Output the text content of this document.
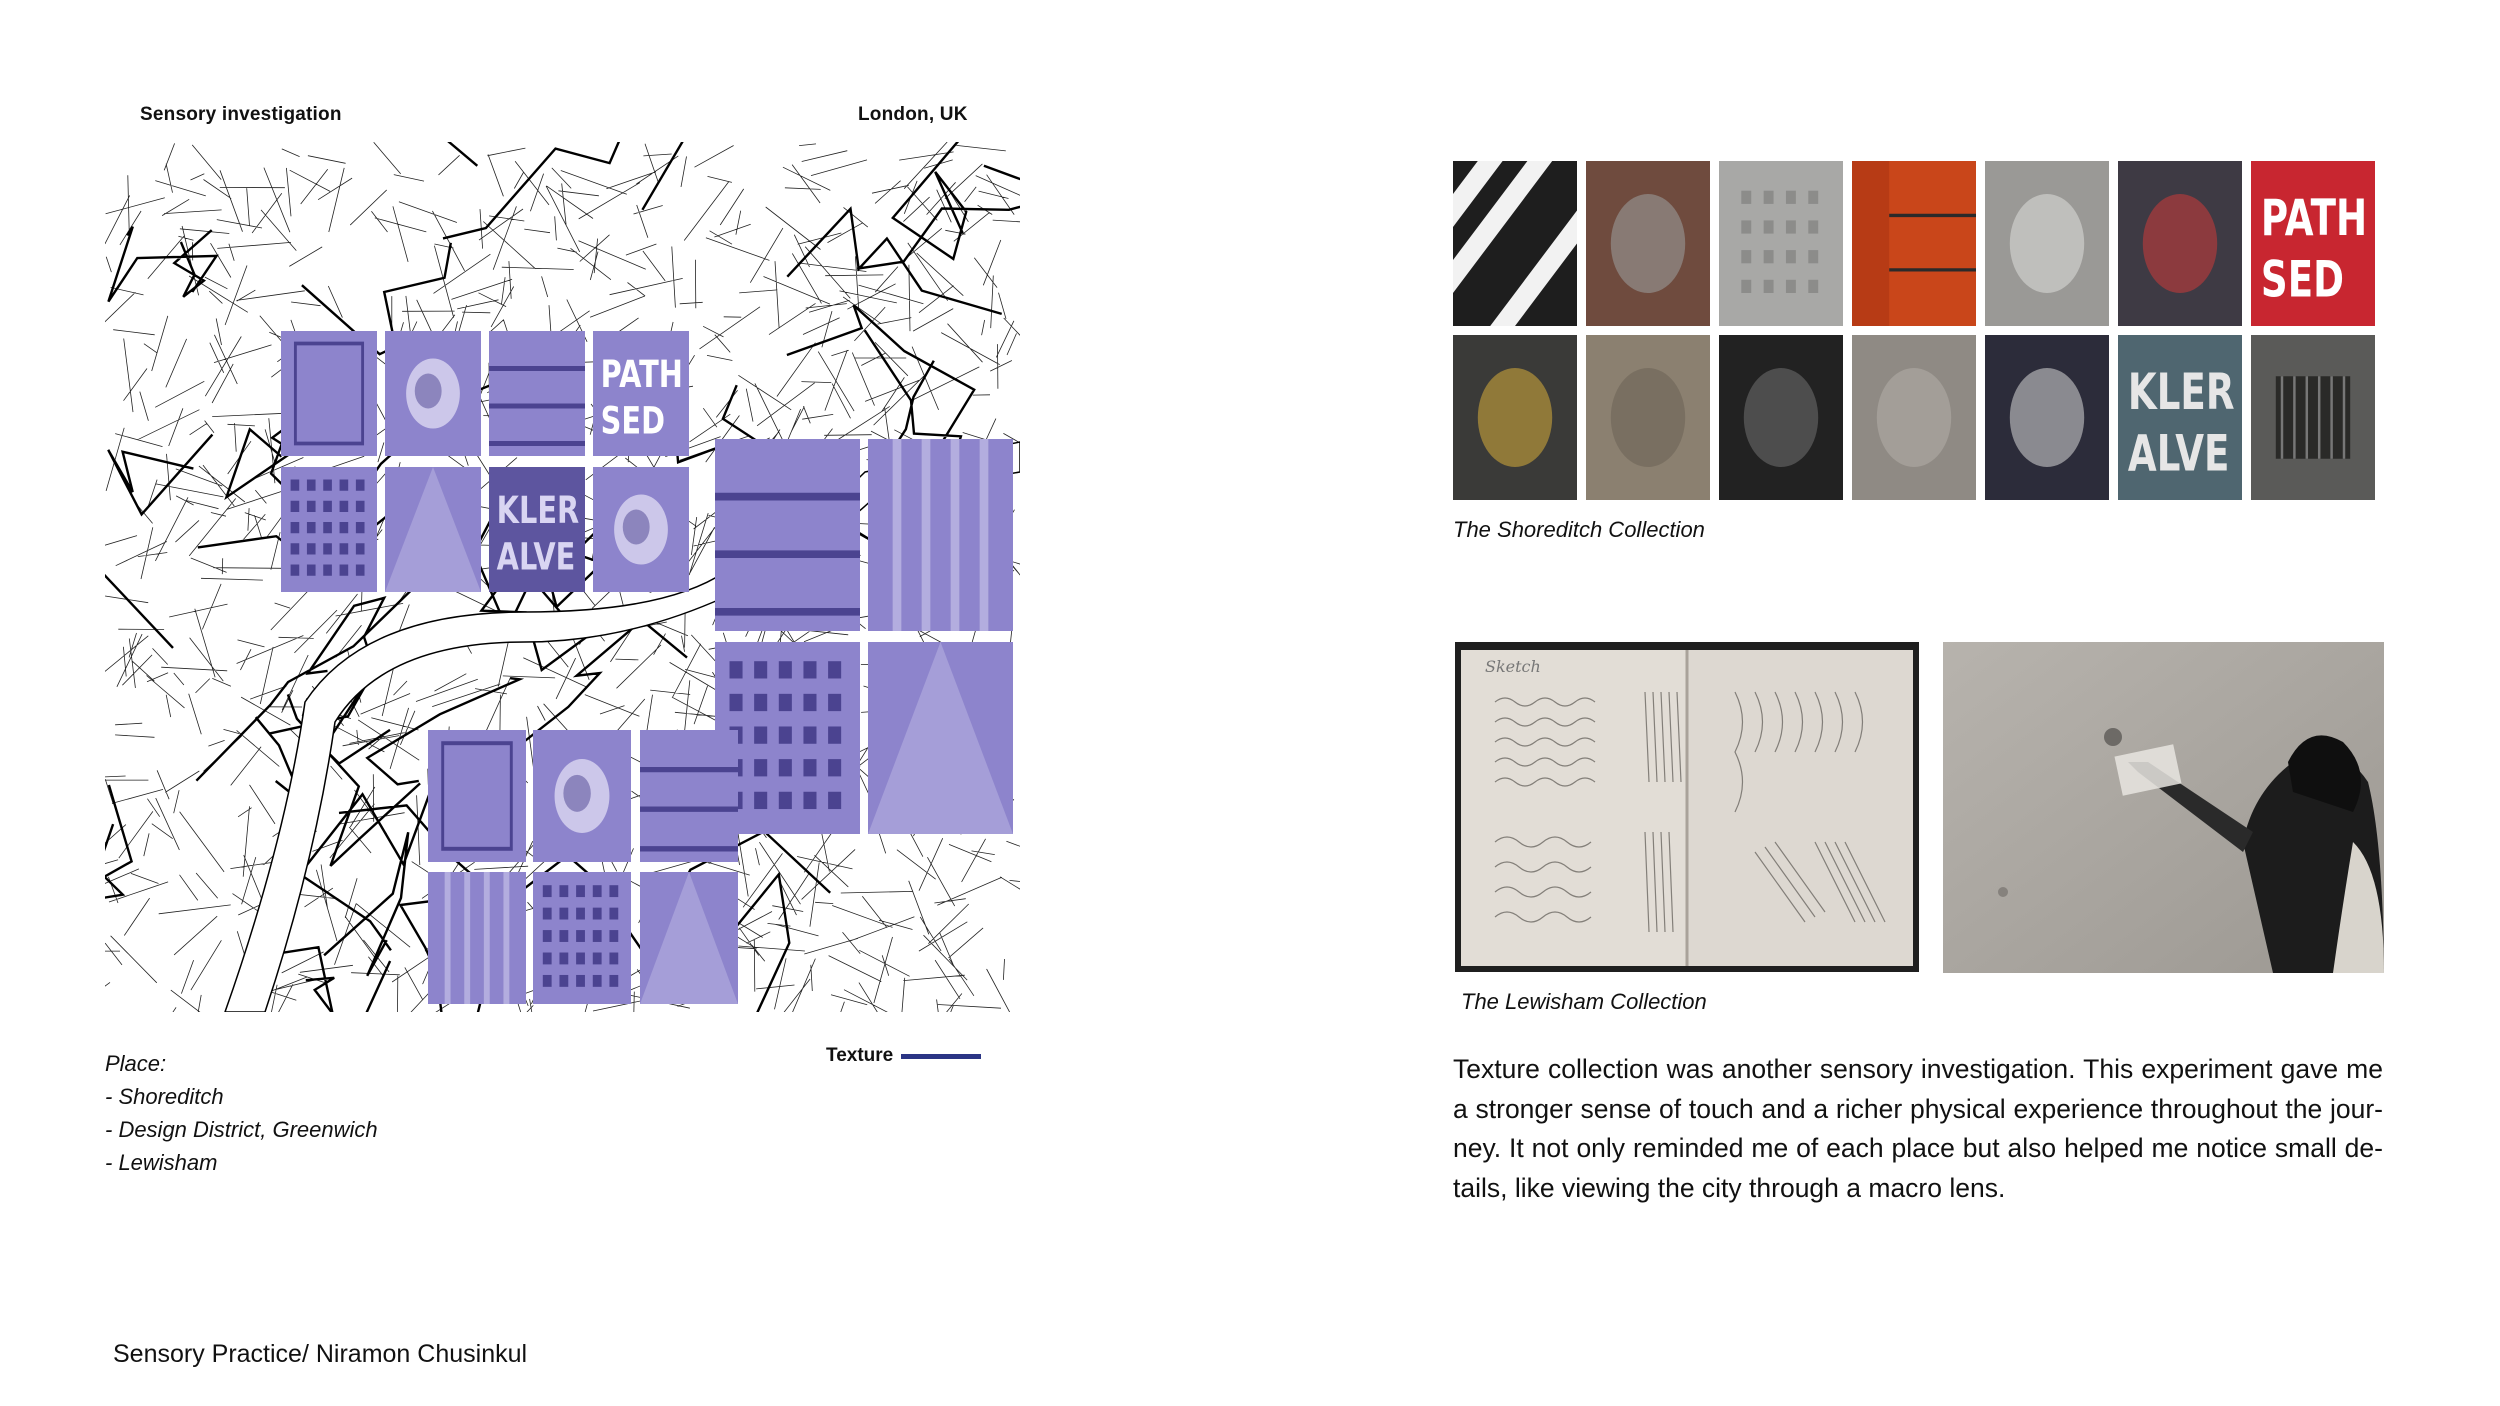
Sensory investigation	London, UK
PATH
SED
KLER
ALVE
Place:
- Shoreditch
- Design District, Greenwich
- Lewisham
Texture
PATH
SED
KLER
ALVE
The Shoreditch Collection
Sketch
The Lewisham Collection
Texture collection was another sensory investigation. This experiment gave me a stronger sense of touch and a richer physical experience throughout the journey. It not only reminded me of each place but also helped me notice small details, like viewing the city through a macro lens.
Sensory Practice/ Niramon Chusinkul
